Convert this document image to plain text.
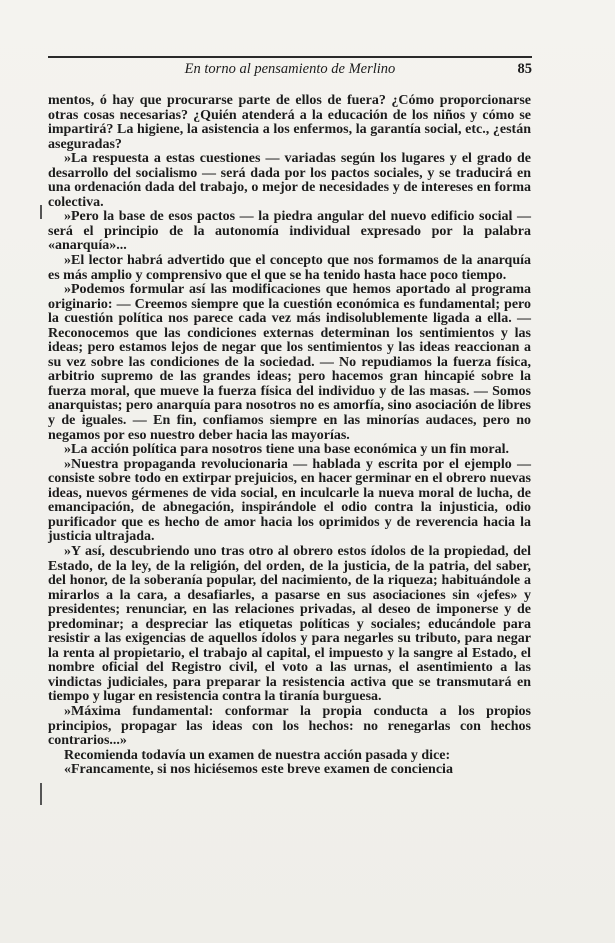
En torno al pensamiento de Merlino	85

mentos, ó hay que procurarse parte de ellos de fuera? ¿Cómo proporcionarse otras cosas necesarias? ¿Quién atenderá a la educación de los niños y cómo se impartirá? La higiene, la asistencia a los enfermos, la garantía social, etc., ¿están aseguradas?

»La respuesta a estas cuestiones — variadas según los lugares y el grado de desarrollo del socialismo — será dada por los pactos sociales, y se traducirá en una ordenación dada del trabajo, o mejor de necesidades y de intereses en forma colectiva.

»Pero la base de esos pactos — la piedra angular del nuevo edificio social — será el principio de la autonomía individual expresado por la palabra «anarquía»...

»El lector habrá advertido que el concepto que nos formamos de la anarquía es más amplio y comprensivo que el que se ha tenido hasta hace poco tiempo.

»Podemos formular así las modificaciones que hemos aportado al programa originario: — Creemos siempre que la cuestión económica es fundamental; pero la cuestión política nos parece cada vez más indisolublemente ligada a ella. — Reconocemos que las condiciones externas determinan los sentimientos y las ideas; pero estamos lejos de negar que los sentimientos y las ideas reaccionan a su vez sobre las condiciones de la sociedad. — No repudiamos la fuerza física, arbitrio supremo de las grandes ideas; pero hacemos gran hincapié sobre la fuerza moral, que mueve la fuerza física del individuo y de las masas. — Somos anarquistas; pero anarquía para nosotros no es amorfía, sino asociación de libres y de iguales. — En fin, confiamos siempre en las minorías audaces, pero no negamos por eso nuestro deber hacia las mayorías.

»La acción política para nosotros tiene una base económica y un fin moral.

»Nuestra propaganda revolucionaria — hablada y escrita por el ejemplo — consiste sobre todo en extirpar prejuicios, en hacer germinar en el obrero nuevas ideas, nuevos gérmenes de vida social, en inculcarle la nueva moral de lucha, de emancipación, de abnegación, inspirándole el odio contra la injusticia, odio purificador que es hecho de amor hacia los oprimidos y de reverencia hacia la justicia ultrajada.

»Y así, descubriendo uno tras otro al obrero estos ídolos de la propiedad, del Estado, de la ley, de la religión, del orden, de la justicia, de la patria, del saber, del honor, de la soberanía popular, del nacimiento, de la riqueza; habituándole a mirarlos a la cara, a desafiarles, a pasarse en sus asociaciones sin «jefes» y presidentes; renunciar, en las relaciones privadas, al deseo de imponerse y de predominar; a despreciar las etiquetas políticas y sociales; educándole para resistir a las exigencias de aquellos ídolos y para negarles su tributo, para negar la renta al propietario, el trabajo al capital, el impuesto y la sangre al Estado, el nombre oficial del Registro civil, el voto a las urnas, el asentimiento a las vindictas judiciales, para preparar la resistencia activa que se transmutará en tiempo y lugar en resistencia contra la tiranía burguesa.

»Máxima fundamental: conformar la propia conducta a los propios principios, propagar las ideas con los hechos: no renegarlas con hechos contrarios...»

Recomienda todavía un examen de nuestra acción pasada y dice:

«Francamente, si nos hiciésemos este breve examen de conciencia
